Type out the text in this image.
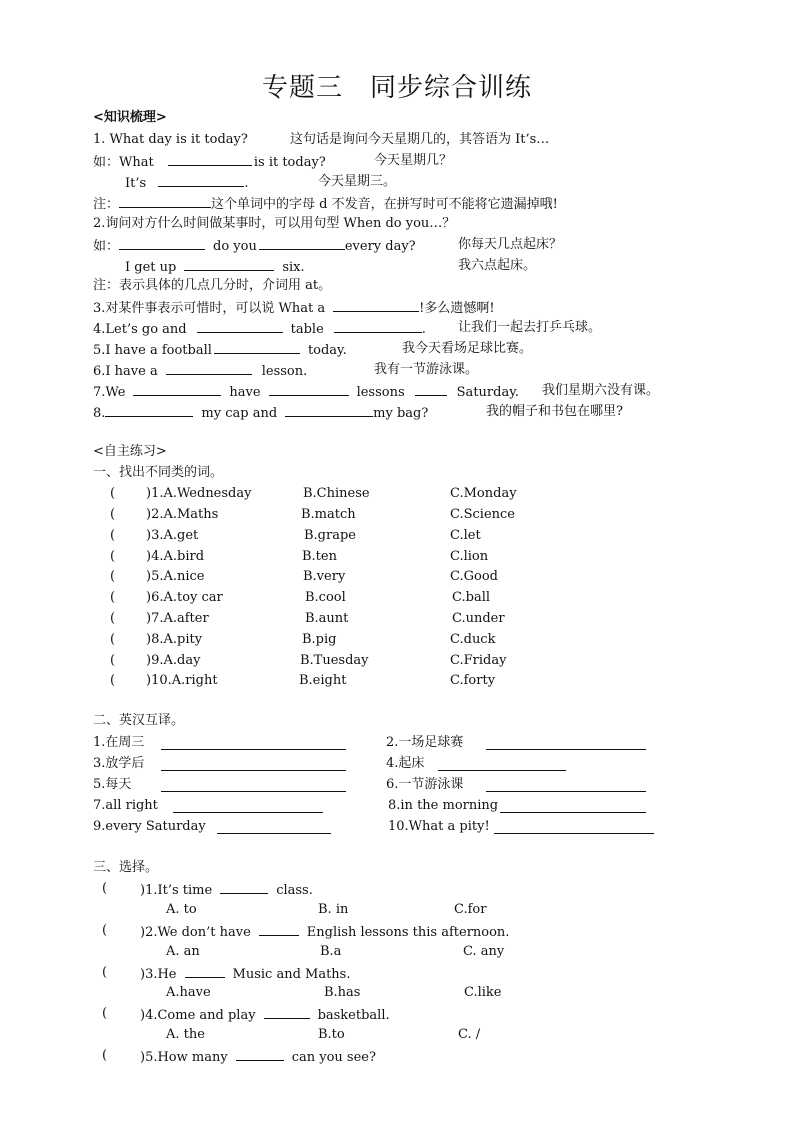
专题三　同步综合训练
<知识梳理>
1. What day is it today?	这句话是询问今天星期几的，其答语为 It’s…
如：What	is it today?	今天星期几？
It’s	.	今天星期三。
注：	这个单词中的字母 d 不发音，在拼写时可不能将它遗漏掉哦!
2.询问对方什么时间做某事时，可以用句型 When do you…？
如：	do you	every day?	你每天几点起床？
I get up	six.	我六点起床。
注：表示具体的几点几分时，介词用 at。
3.对某件事表示可惜时，可以说 What a	!多么遗憾啊!
4.Let’s go and	table	. 让我们一起去打乒乓球。
5.I have a football	today.	我今天看场足球比赛。
6.I have a	lesson.	我有一节游泳课。
7.We	have	lessons	Saturday. 我们星期六没有课。
8.	my cap and	my bag?	我的帽子和书包在哪里?
<自主练习>
一、找出不同类的词。
( )1.A.Wednesday	B.Chinese	C.Monday
( )2.A.Maths	B.match	C.Science
( )3.A.get	B.grape	C.let
( )4.A.bird	B.ten	C.lion
( )5.A.nice	B.very	C.Good
( )6.A.toy car	B.cool	C.ball
( )7.A.after	B.aunt	C.under
( )8.A.pity	B.pig	C.duck
( )9.A.day	B.Tuesday	C.Friday
( )10.A.right	B.eight	C.forty
二、英汉互译。
1.在周三	2.一场足球赛
3.放学后	4.起床
5.每天	6.一节游泳课
7.all right	8.in the morning
9.every Saturday	10.What a pity!
三、选择。
(	)1.It’s time	class.
A. to	B. in	C.for
(	)2.We don’t have	English lessons this afternoon.
A. an	B.a	C. any
(	)3.He	Music and Maths.
A.have	B.has	C.like
(	)4.Come and play	basketball.
A. the	B.to	C. /
(	)5.How many	can you see?
